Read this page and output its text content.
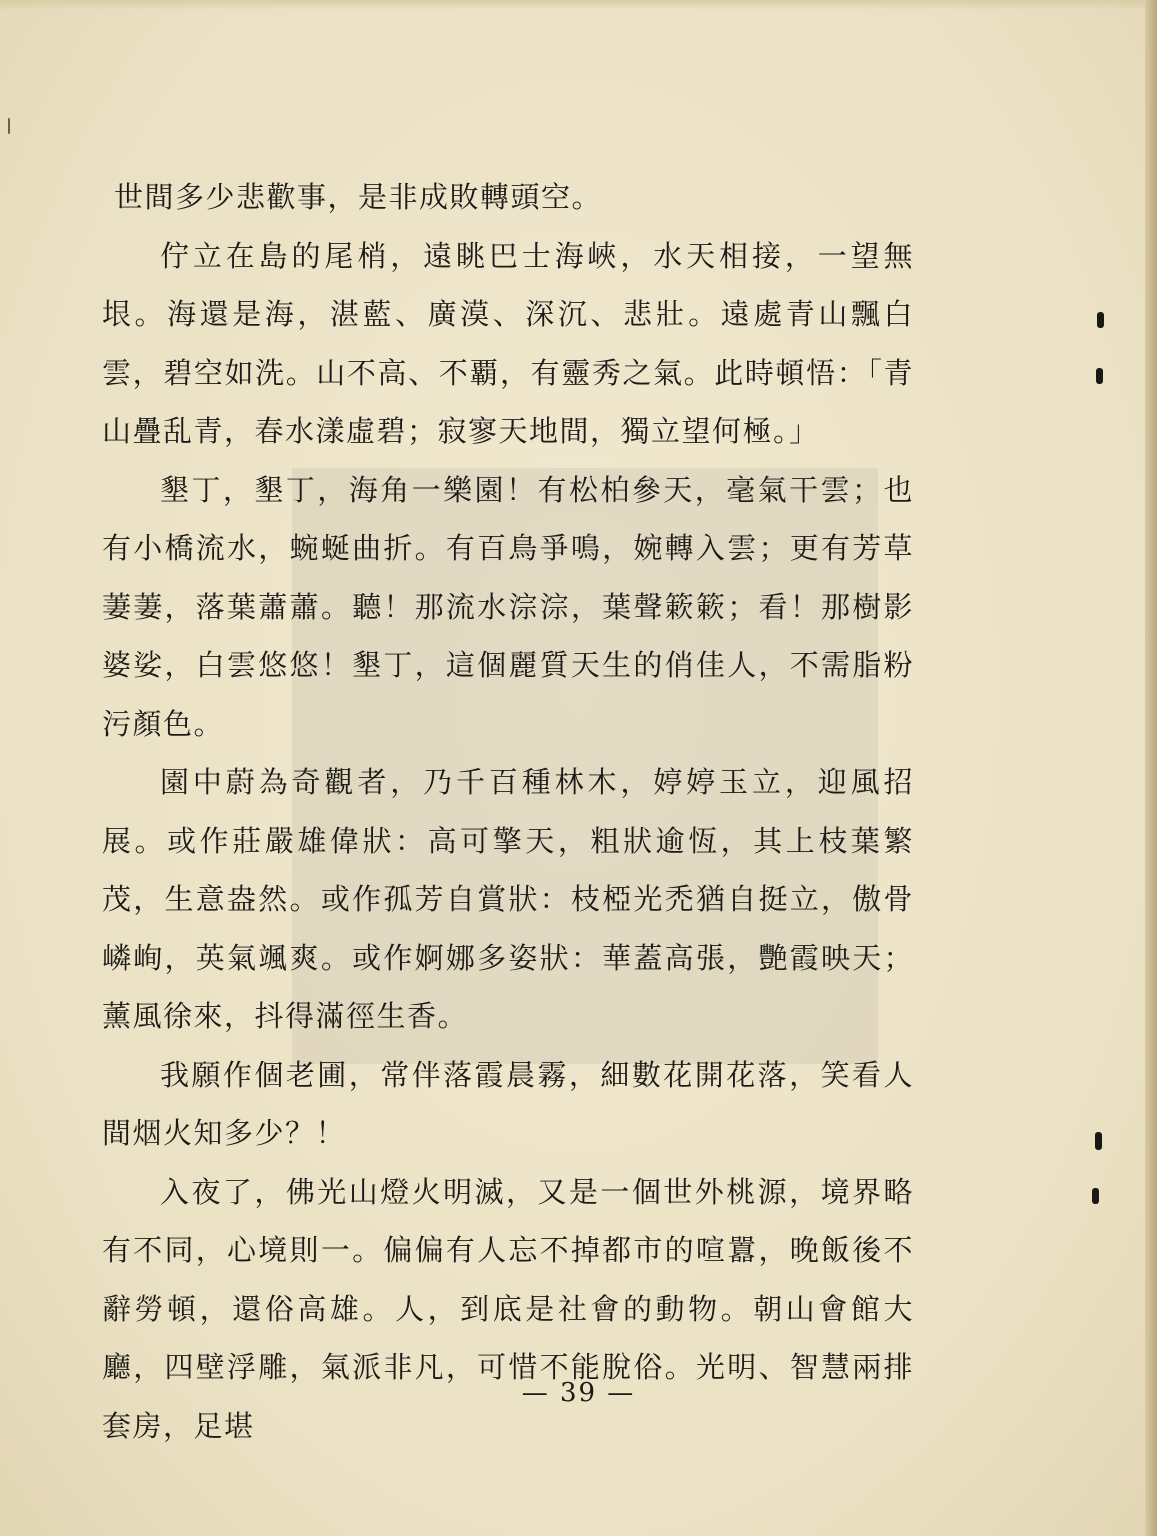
世間多少悲歡事，是非成敗轉頭空。

佇立在島的尾梢，遠眺巴士海峽，水天相接，一望無垠。海還是海，湛藍、廣漠、深沉、悲壯。遠處青山飄白雲，碧空如洗。山不高、不覇，有靈秀之氣。此時頓悟：「青山疊乱青，春水漾虛碧；寂寥天地間，獨立望何極。」

墾丁，墾丁，海角一樂園！有松柏參天，毫氣干雲；也有小橋流水，蜿蜒曲折。有百鳥爭鳴，婉轉入雲；更有芳草萋萋，落葉蕭蕭。聽！那流水淙淙，葉聲簌簌；看！那樹影婆娑，白雲悠悠！墾丁，這個麗質天生的俏佳人，不需脂粉污顏色。

園中蔚為奇觀者，乃千百種林木，婷婷玉立，迎風招展。或作莊嚴雄偉狀：高可擎天，粗狀逾恆，其上枝葉繁茂，生意盎然。或作孤芳自賞狀：枝椏光禿猶自挺立，傲骨嶙峋，英氣颯爽。或作婀娜多姿狀：華蓋高張，艷霞映天；薰風徐來，抖得滿徑生香。

我願作個老圃，常伴落霞晨霧，細數花開花落，笑看人間烟火知多少？！

入夜了，佛光山燈火明滅，又是一個世外桃源，境界略有不同，心境則一。偏偏有人忘不掉都市的喧囂，晚飯後不辭勞頓，還俗高雄。人，到底是社會的動物。朝山會館大廳，四壁浮雕，氣派非凡，可惜不能脫俗。光明、智慧兩排套房，足堪

— 39 —
